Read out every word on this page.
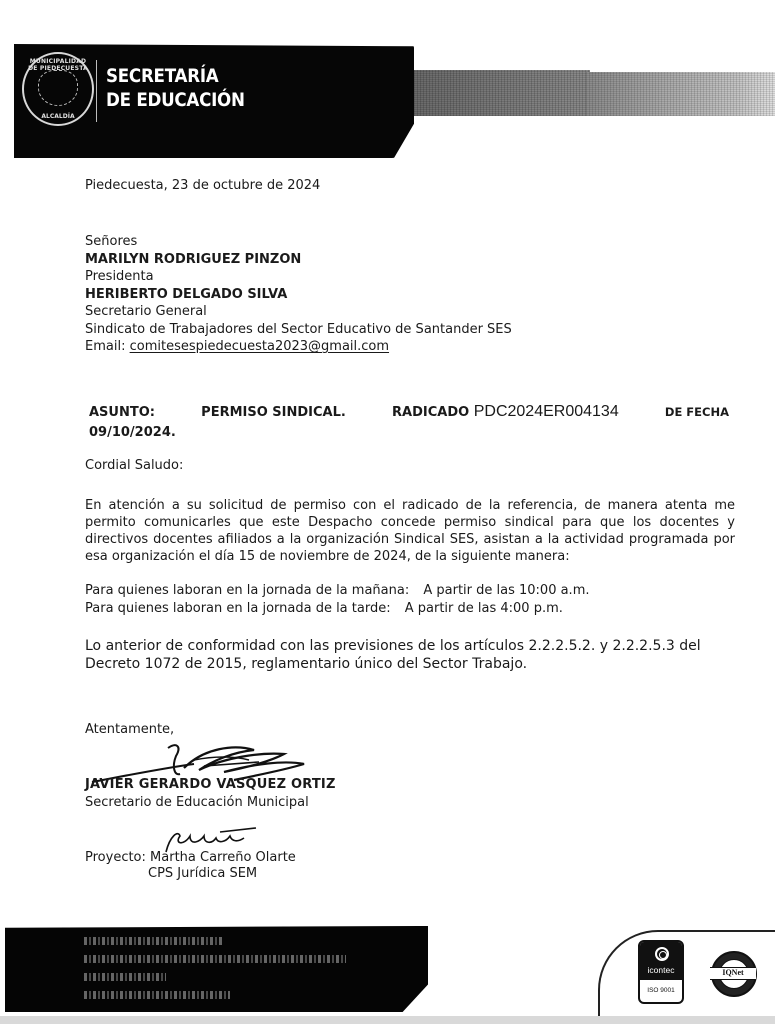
MUNICIPALIDAD DE PIEDECUESTA
ALCALDÍA
SECRETARÍA
DE EDUCACIÓN
Piedecuesta, 23 de octubre de 2024
Señores
MARILYN RODRIGUEZ PINZON
Presidenta
HERIBERTO DELGADO SILVA
Secretario General
Sindicato de Trabajadores del Sector Educativo de Santander SES
Email: comitesespiedecuesta2023@gmail.com
ASUNTO:	PERMISO SINDICAL.	RADICADO PDC2024ER004134	DE FECHA
09/10/2024.
Cordial Saludo:
En atención a su solicitud de permiso con el radicado de la referencia, de manera atenta me permito comunicarles que este Despacho concede permiso sindical para que los docentes y directivos docentes afiliados a la organización Sindical SES, asistan a la actividad programada por esa organización el día 15 de noviembre de 2024, de la siguiente manera:
Para quienes laboran en la jornada de la mañana: A partir de las 10:00 a.m.
Para quienes laboran en la jornada de la tarde: A partir de las 4:00 p.m.
Lo anterior de conformidad con las previsiones de los artículos 2.2.2.5.2. y 2.2.2.5.3 del Decreto 1072 de 2015, reglamentario único del Sector Trabajo.
Atentamente,
JAVIER GERARDO VASQUEZ ORTIZ
Secretario de Educación Municipal
Proyecto: Martha Carreño Olarte
CPS Jurídica SEM
icontec
ISO 9001
IQNet
